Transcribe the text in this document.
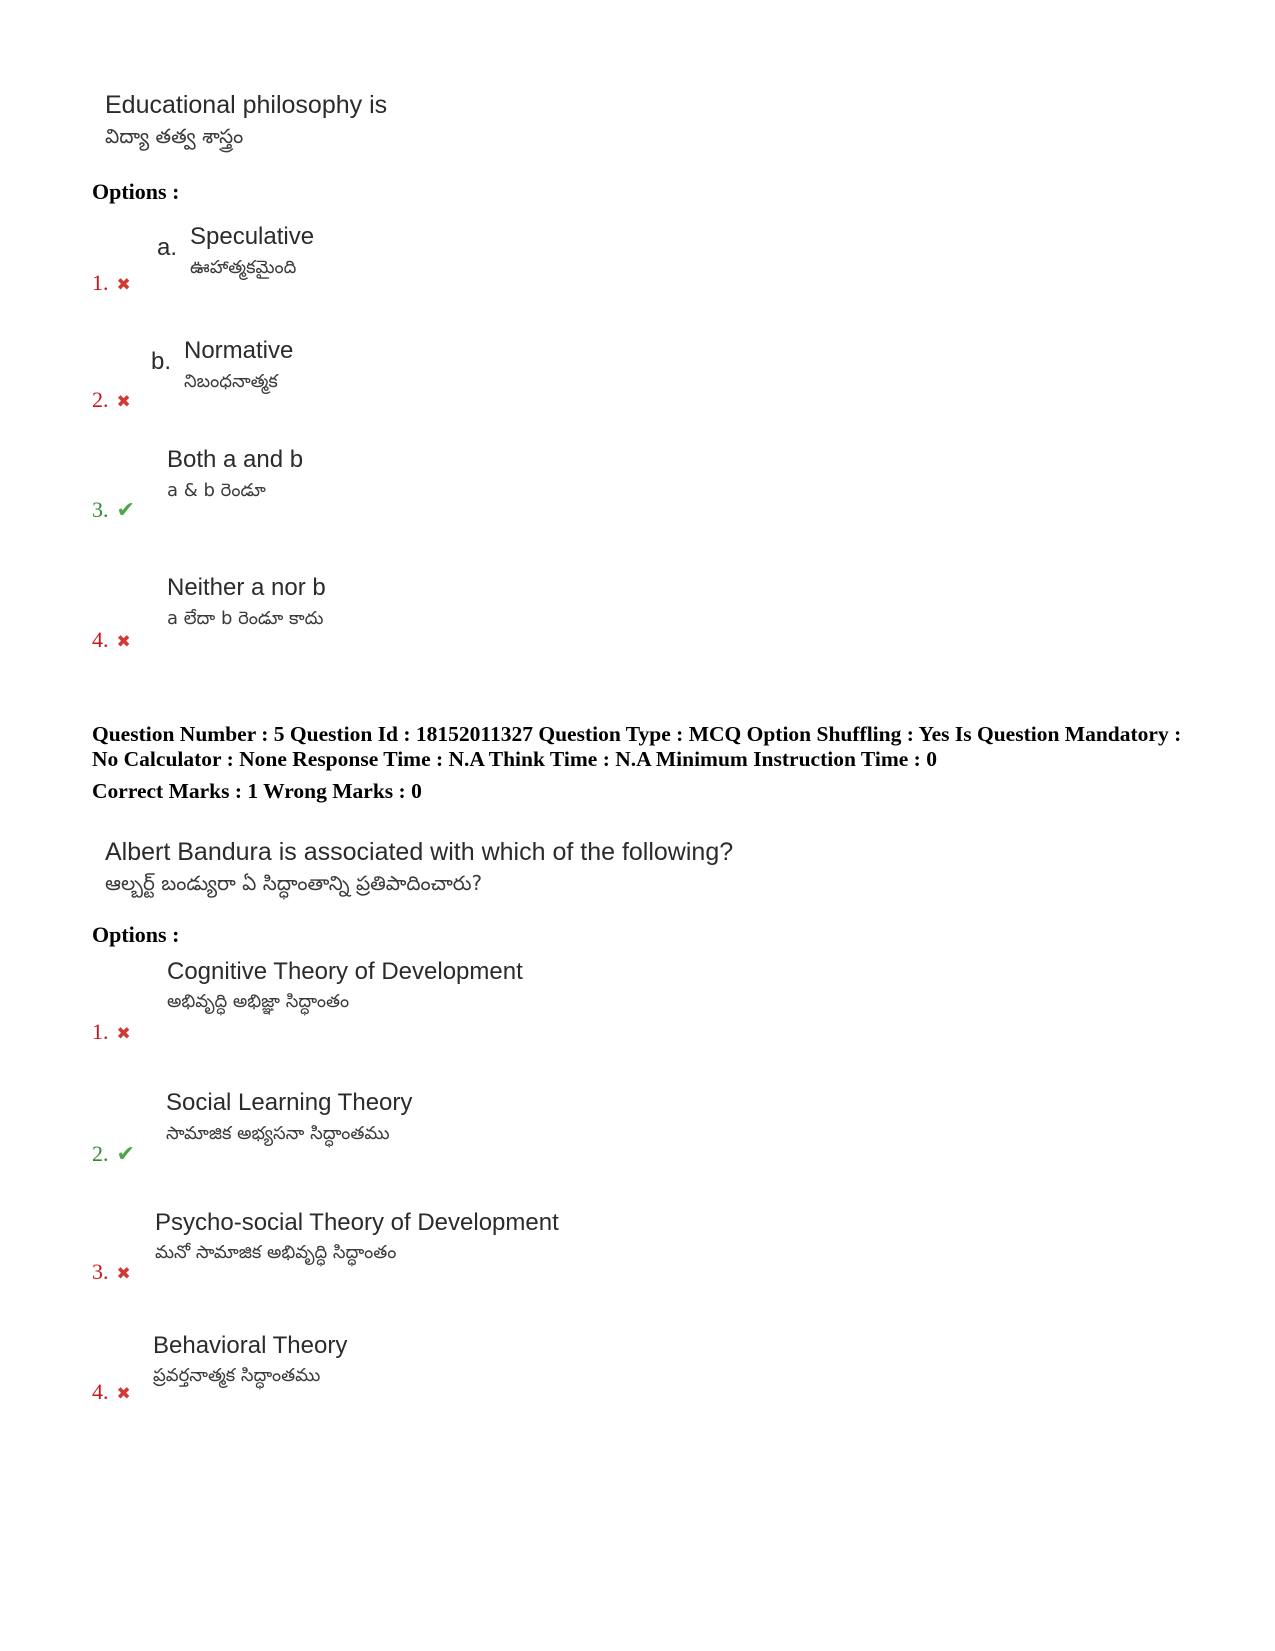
Educational philosophy is
విద్యా తత్వ శాస్త్రం
Options :
a. Speculative
ఊహాత్మకమైంది
1. ✖
b. Normative
నిబంధనాత్మక
2. ✖
Both a and b
a & b రెండూ
3. ✔
Neither a nor b
a లేదా b రెండూ కాదు
4. ✖
Question Number : 5 Question Id : 18152011327 Question Type : MCQ Option Shuffling : Yes Is Question Mandatory : No Calculator : None Response Time : N.A Think Time : N.A Minimum Instruction Time : 0
Correct Marks : 1 Wrong Marks : 0
Albert Bandura is associated with which of the following?
ఆల్బర్ట్ బండ్యురా ఏ సిద్ధాంతాన్ని ప్రతిపాదించారు?
Options :
Cognitive Theory of Development
అభివృద్ధి అభిజ్ఞా సిద్ధాంతం
1. ✖
Social Learning Theory
సామాజిక అభ్యసనా సిద్ధాంతము
2. ✔
Psycho-social Theory of Development
మనో సామాజిక అభివృద్ధి సిద్ధాంతం
3. ✖
Behavioral Theory
ప్రవర్తనాత్మక సిద్ధాంతము
4. ✖
